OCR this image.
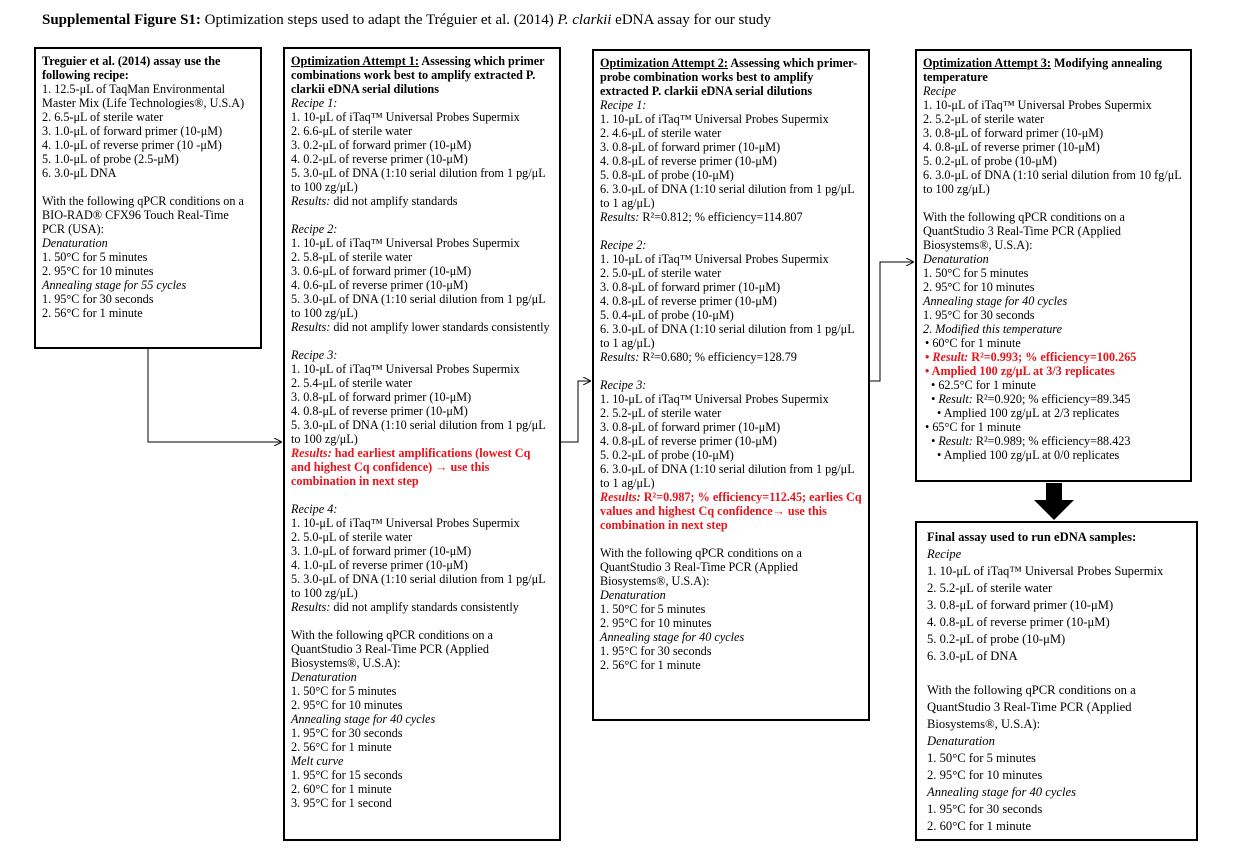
Supplemental Figure S1: Optimization steps used to adapt the Tréguier et al. (2014) P. clarkii eDNA assay for our study
Treguier et al. (2014) assay use the following recipe:
1. 12.5-μL of TaqMan Environmental Master Mix (Life Technologies®, U.S.A)
2. 6.5-μL of sterile water
3. 1.0-μL of forward primer (10-μM)
4. 1.0-μL of reverse primer (10 -μM)
5. 1.0-μL of probe (2.5-μM)
6. 3.0-μL DNA
With the following qPCR conditions on a BIO-RAD® CFX96 Touch Real-Time PCR (USA):
Denaturation
1. 50°C for 5 minutes
2. 95°C for 10 minutes
Annealing stage for 55 cycles
1. 95°C for 30 seconds
2. 56°C for 1 minute
Optimization Attempt 1: Assessing which primer combinations work best to amplify extracted P. clarkii eDNA serial dilutions
Recipe 1:
1. 10-μL of iTaq™ Universal Probes Supermix
2. 6.6-μL of sterile water
3. 0.2-μL of forward primer (10-μM)
4. 0.2-μL of reverse primer (10-μM)
5. 3.0-μL of DNA (1:10 serial dilution from 1 pg/μL to 100 zg/μL)
Results: did not amplify standards
Recipe 2:
1. 10-μL of iTaq™ Universal Probes Supermix
2. 5.8-μL of sterile water
3. 0.6-μL of forward primer (10-μM)
4. 0.6-μL of reverse primer (10-μM)
5. 3.0-μL of DNA (1:10 serial dilution from 1 pg/μL to 100 zg/μL)
Results: did not amplify lower standards consistently
Recipe 3:
1. 10-μL of iTaq™ Universal Probes Supermix
2. 5.4-μL of sterile water
3. 0.8-μL of forward primer (10-μM)
4. 0.8-μL of reverse primer (10-μM)
5. 3.0-μL of DNA (1:10 serial dilution from 1 pg/μL to 100 zg/μL)
Results: had earliest amplifications (lowest Cq and highest Cq confidence) → use this combination in next step
Recipe 4:
1. 10-μL of iTaq™ Universal Probes Supermix
2. 5.0-μL of sterile water
3. 1.0-μL of forward primer (10-μM)
4. 1.0-μL of reverse primer (10-μM)
5. 3.0-μL of DNA (1:10 serial dilution from 1 pg/μL to 100 zg/μL)
Results: did not amplify standards consistently
With the following qPCR conditions on a QuantStudio 3 Real-Time PCR (Applied Biosystems®, U.S.A):
Denaturation
1. 50°C for 5 minutes
2. 95°C for 10 minutes
Annealing stage for 40 cycles
1. 95°C for 30 seconds
2. 56°C for 1 minute
Melt curve
1. 95°C for 15 seconds
2. 60°C for 1 minute
3. 95°C for 1 second
Optimization Attempt 2: Assessing which primer-probe combination works best to amplify extracted P. clarkii eDNA serial dilutions
Recipe 1:
1. 10-μL of iTaq™ Universal Probes Supermix
2. 4.6-μL of sterile water
3. 0.8-μL of forward primer (10-μM)
4. 0.8-μL of reverse primer (10-μM)
5. 0.8-μL of probe (10-μM)
6. 3.0-μL of DNA (1:10 serial dilution from 1 pg/μL to 1 ag/μL)
Results: R²=0.812; % efficiency=114.807
Recipe 2:
1. 10-μL of iTaq™ Universal Probes Supermix
2. 5.0-μL of sterile water
3. 0.8-μL of forward primer (10-μM)
4. 0.8-μL of reverse primer (10-μM)
5. 0.4-μL of probe (10-μM)
6. 3.0-μL of DNA (1:10 serial dilution from 1 pg/μL to 1 ag/μL)
Results: R²=0.680; % efficiency=128.79
Recipe 3:
1. 10-μL of iTaq™ Universal Probes Supermix
2. 5.2-μL of sterile water
3. 0.8-μL of forward primer (10-μM)
4. 0.8-μL of reverse primer (10-μM)
5. 0.2-μL of probe (10-μM)
6. 3.0-μL of DNA (1:10 serial dilution from 1 pg/μL to 1 ag/μL)
Results: R²=0.987; % efficiency=112.45; earlies Cq values and highest Cq confidence→ use this combination in next step
With the following qPCR conditions on a QuantStudio 3 Real-Time PCR (Applied Biosystems®, U.S.A):
Denaturation
1. 50°C for 5 minutes
2. 95°C for 10 minutes
Annealing stage for 40 cycles
1. 95°C for 30 seconds
2. 56°C for 1 minute
Optimization Attempt 3: Modifying annealing temperature
Recipe
1. 10-μL of iTaq™ Universal Probes Supermix
2. 5.2-μL of sterile water
3. 0.8-μL of forward primer (10-μM)
4. 0.8-μL of reverse primer (10-μM)
5. 0.2-μL of probe (10-μM)
6. 3.0-μL of DNA (1:10 serial dilution from 10 fg/μL to 100 zg/μL)
With the following qPCR conditions on a QuantStudio 3 Real-Time PCR (Applied Biosystems®, U.S.A):
Denaturation
1. 50°C for 5 minutes
2. 95°C for 10 minutes
Annealing stage for 40 cycles
1. 95°C for 30 seconds
2. Modified this temperature
• 60°C for 1 minute
• Result: R²=0.993; % efficiency=100.265
• Amplied 100 zg/μL at 3/3 replicates
• 62.5°C for 1 minute
• Result: R²=0.920; % efficiency=89.345
• Amplied 100 zg/μL at 2/3 replicates
• 65°C for 1 minute
• Result: R²=0.989; % efficiency=88.423
• Amplied 100 zg/μL at 0/0 replicates
Final assay used to run eDNA samples:
Recipe
1. 10-μL of iTaq™ Universal Probes Supermix
2. 5.2-μL of sterile water
3. 0.8-μL of forward primer (10-μM)
4. 0.8-μL of reverse primer (10-μM)
5. 0.2-μL of probe (10-μM)
6. 3.0-μL of DNA
With the following qPCR conditions on a QuantStudio 3 Real-Time PCR (Applied Biosystems®, U.S.A):
Denaturation
1. 50°C for 5 minutes
2. 95°C for 10 minutes
Annealing stage for 40 cycles
1. 95°C for 30 seconds
2. 60°C for 1 minute
